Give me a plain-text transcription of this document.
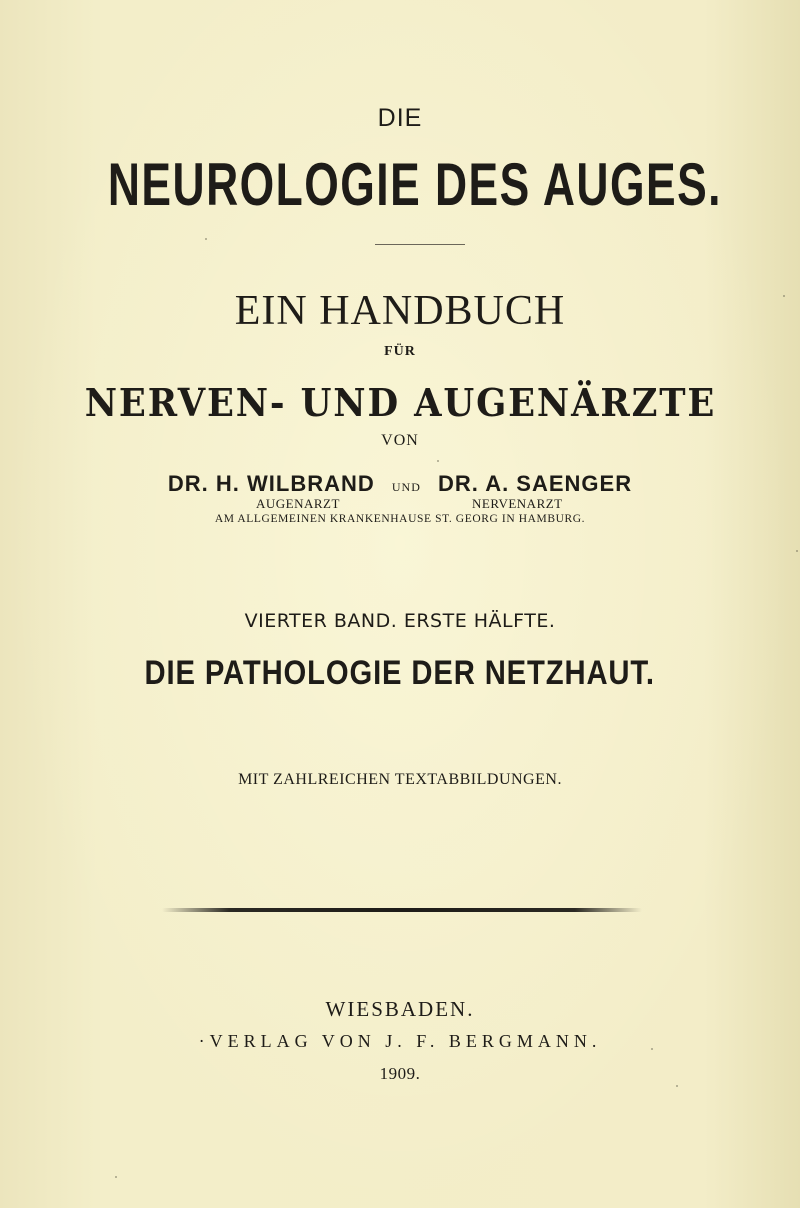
DIE

NEUROLOGIE DES AUGES.

EIN HANDBUCH

FÜR

NERVEN- UND AUGENÄRZTE

VON

DR. H. WILBRAND UND DR. A. SAENGER

AUGENARZT	NERVENARZT

AM ALLGEMEINEN KRANKENHAUSE ST. GEORG IN HAMBURG.

VIERTER BAND. ERSTE HÄLFTE.

DIE PATHOLOGIE DER NETZHAUT.

MIT ZAHLREICHEN TEXTABBILDUNGEN.

WIESBADEN.

·VERLAG VON J. F. BERGMANN.

1909.
